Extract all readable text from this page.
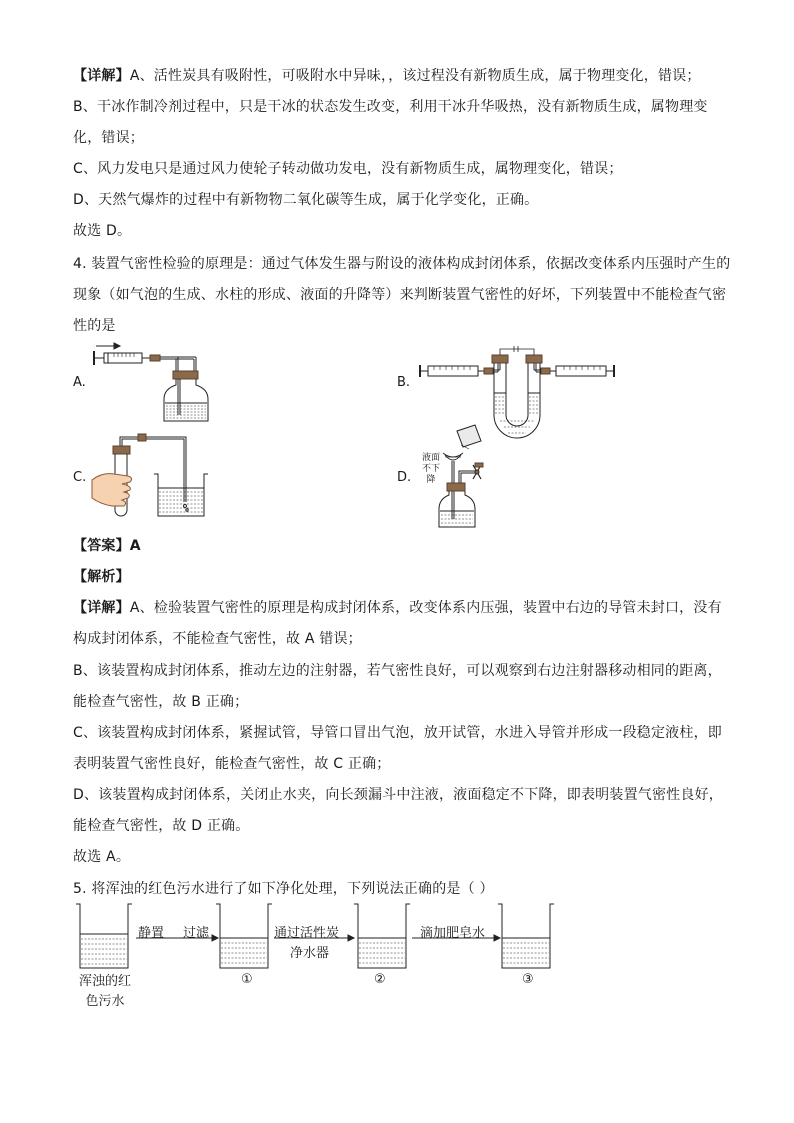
【详解】A、活性炭具有吸附性，可吸附水中异味，，该过程没有新物质生成，属于物理变化，错误；
B、干冰作制冷剂过程中，只是干冰的状态发生改变，利用干冰升华吸热，没有新物质生成，属物理变
化，错误；
C、风力发电只是通过风力使轮子转动做功发电，没有新物质生成，属物理变化，错误；
D、天然气爆炸的过程中有新物物二氧化碳等生成，属于化学变化，正确。
故选 D。
4. 装置气密性检验的原理是：通过气体发生器与附设的液体构成封闭体系，依据改变体系内压强时产生的
现象（如气泡的生成、水柱的形成、液面的升降等）来判断装置气密性的好坏，下列装置中不能检查气密
性的是
A.	B.
C.	D.
液面
不下降
【答案】A
【解析】
【详解】A、检验装置气密性的原理是构成封闭体系，改变体系内压强，装置中右边的导管未封口，没有
构成封闭体系，不能检查气密性，故 A 错误；
B、该装置构成封闭体系，推动左边的注射器，若气密性良好，可以观察到右边注射器移动相同的距离，
能检查气密性，故 B 正确；
C、该装置构成封闭体系，紧握试管，导管口冒出气泡，放开试管，水进入导管并形成一段稳定液柱，即
表明装置气密性良好，能检查气密性，故 C 正确；
D、该装置构成封闭体系，关闭止水夹，向长颈漏斗中注液，液面稳定不下降，即表明装置气密性良好，
能检查气密性，故 D 正确。
故选 A。
5. 将浑浊的红色污水进行了如下净化处理，下列说法正确的是（ ）
静置 过滤	通过活性炭
净水器
滴加肥皂水
浑浊的红
色污水
①	②	③
